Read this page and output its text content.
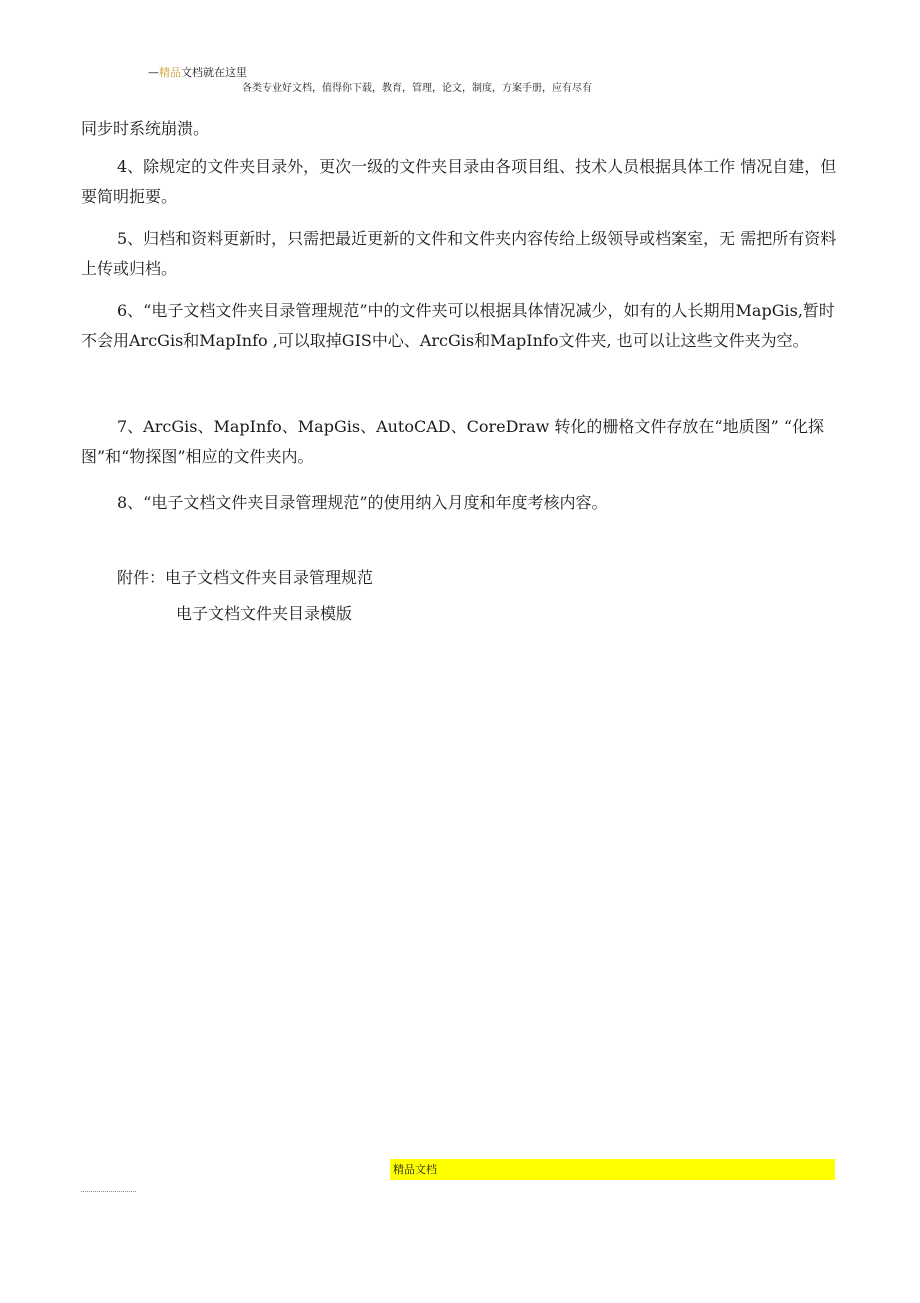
—精品文档就在这里
各类专业好文档，值得你下载，教育，管理，论文，制度，方案手册，应有尽有

同步时系统崩溃。

4、除规定的文件夹目录外，更次一级的文件夹目录由各项目组、技术人员根据具体工作 情况自建，但要简明扼要。

5、归档和资料更新时，只需把最近更新的文件和文件夹内容传给上级领导或档案室，无 需把所有资料上传或归档。

6、“电子文档文件夹目录管理规范”中的文件夹可以根据具体情况减少，如有的人长期用MapGis,暂时不会用ArcGis和MapInfo ,可以取掉GIS中心、ArcGis和MapInfo文件夹, 也可以让这些文件夹为空。

7、ArcGis、MapInfo、MapGis、AutoCAD、CoreDraw 转化的栅格文件存放在“地质图” “化探图”和“物探图”相应的文件夹内。

8、“电子文档文件夹目录管理规范”的使用纳入月度和年度考核内容。

附件：电子文档文件夹目录管理规范
电子文档文件夹目录模版
精品文档
